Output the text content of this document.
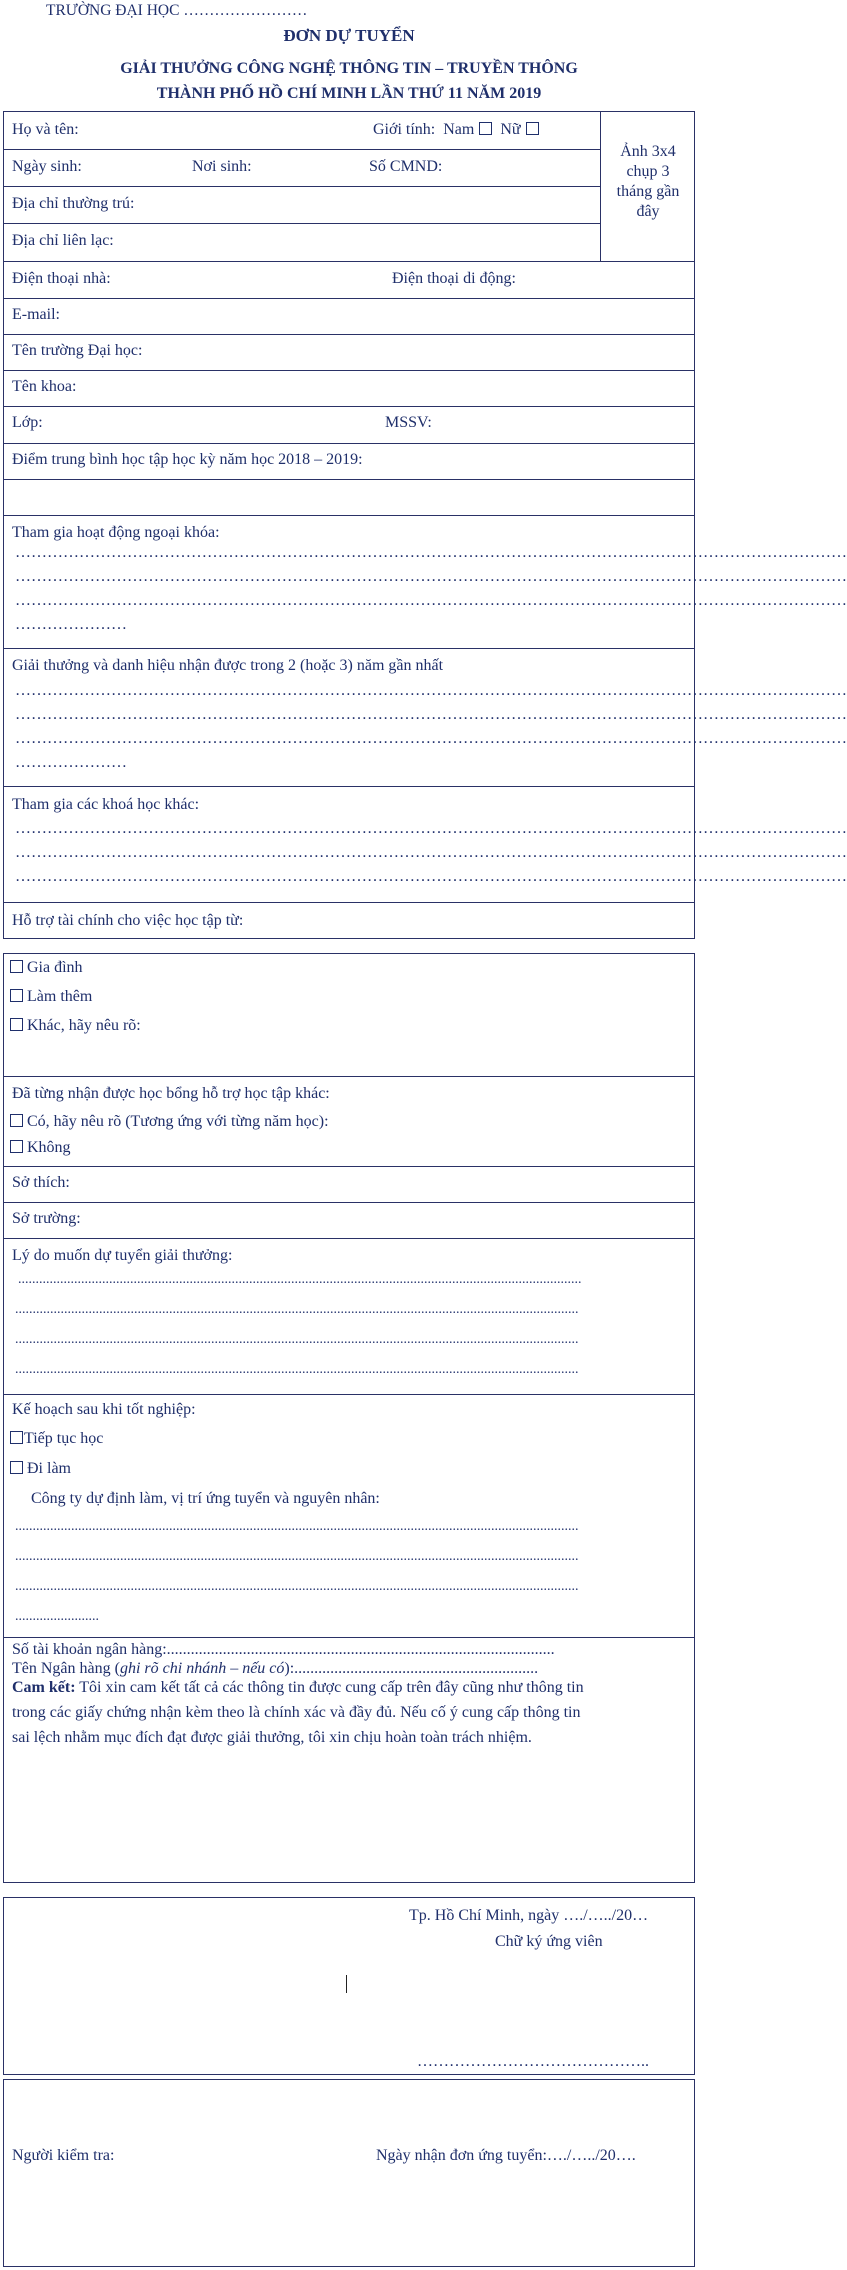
TRƯỜNG ĐẠI HỌC ……………………
ĐƠN DỰ TUYỂN
GIẢI THƯỞNG CÔNG NGHỆ THÔNG TIN – TRUYỀN THÔNG
THÀNH PHỐ HỒ CHÍ MINH LẦN THỨ 11 NĂM 2019
Họ và tên:	Giới tính: Nam Nữ
Ảnh 3x4
chụp 3
tháng gần
đây
Ngày sinh:	Nơi sinh:	Số CMND:
Địa chỉ thường trú:
Địa chỉ liên lạc:
Điện thoại nhà:	Điện thoại di động:
E-mail:
Tên trường Đại học:
Tên khoa:
Lớp:	MSSV:
Điểm trung bình học tập học kỳ năm học 2018 – 2019:
Tham gia hoạt động ngoại khóa:
…………………………………………………………………………………………………………………………………………
…………………………………………………………………………………………………………………………………………
…………………………………………………………………………………………………………………………………………
…………………
Giải thưởng và danh hiệu nhận được trong 2 (hoặc 3) năm gần nhất
…………………………………………………………………………………………………………………………………………
…………………………………………………………………………………………………………………………………………
…………………………………………………………………………………………………………………………………………
…………………
Tham gia các khoá học khác:
…………………………………………………………………………………………………………………………………………
…………………………………………………………………………………………………………………………………………
…………………………………………………………………………………………………………………………………………
Hỗ trợ tài chính cho việc học tập từ:
Gia đình
Làm thêm
Khác, hãy nêu rõ:
Đã từng nhận được học bổng hỗ trợ học tập khác:
Có, hãy nêu rõ (Tương ứng với từng năm học):
Không
Sở thích:
Sở trường:
Lý do muốn dự tuyển giải thưởng:
.................................................................................................................................................................
.................................................................................................................................................................
.................................................................................................................................................................
.................................................................................................................................................................
Kế hoạch sau khi tốt nghiệp:
Tiếp tục học
Đi làm
Công ty dự định làm, vị trí ứng tuyển và nguyên nhân:
.................................................................................................................................................................
.................................................................................................................................................................
.................................................................................................................................................................
........................
Số tài khoản ngân hàng:.................................................................................................
Tên Ngân hàng (ghi rõ chi nhánh – nếu có):.............................................................
Cam kết: Tôi xin cam kết tất cả các thông tin được cung cấp trên đây cũng như thông tin
trong các giấy chứng nhận kèm theo là chính xác và đầy đủ. Nếu cố ý cung cấp thông tin
sai lệch nhằm mục đích đạt được giải thưởng, tôi xin chịu hoàn toàn trách nhiệm.
Tp. Hồ Chí Minh, ngày …./…../20…
Chữ ký ứng viên
……………………………………..
Người kiểm tra:	Ngày nhận đơn ứng tuyển:…./…../20….
